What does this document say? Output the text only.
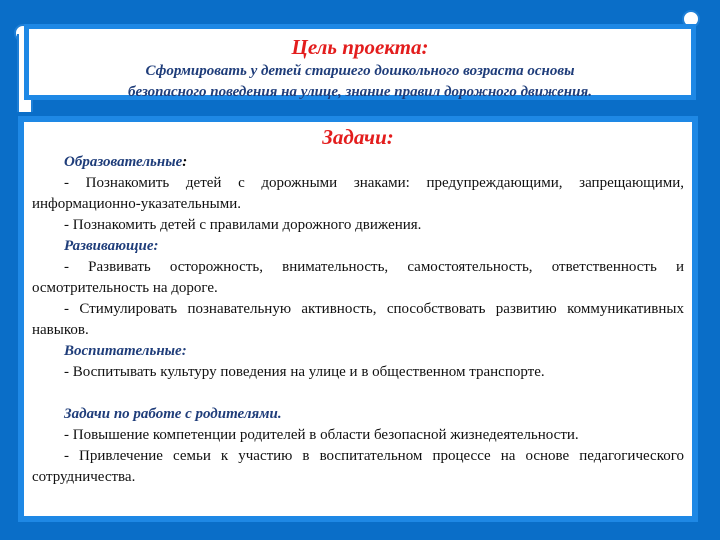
Цель проекта:
Сформировать у детей старшего дошкольного возраста основы
безопасного поведения на улице, знание правил дорожного движения.
Задачи:

Образовательные:

- Познакомить детей с дорожными знаками: предупреждающими, запрещающими, информационно-указательными.

- Познакомить детей с правилами дорожного движения.

Развивающие:

- Развивать осторожность, внимательность, самостоятельность, ответственность и осмотрительность на дороге.

- Стимулировать познавательную активность, способствовать развитию коммуникативных навыков.

Воспитательные:

- Воспитывать культуру поведения на улице и в общественном транспорте.

Задачи по работе с родителями.

- Повышение компетенции родителей в области безопасной жизнедеятельности.

- Привлечение семьи к участию в воспитательном процессе на основе педагогического сотрудничества.
